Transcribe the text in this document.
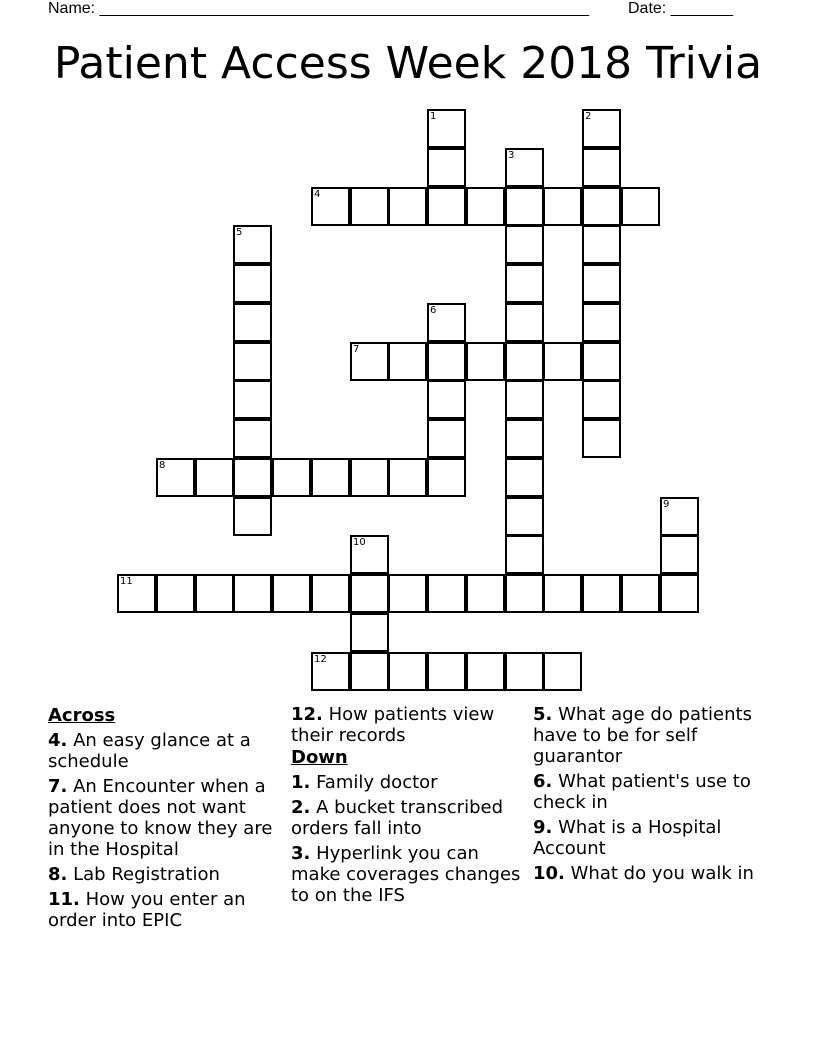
Name: _______________________________________________________ Date: _______
Patient Access Week 2018 Trivia
1	2
3
4
5
6
7
8
9
10
11
12
Across
4. An easy glance at a schedule
7. An Encounter when a patient does not want anyone to know they are in the Hospital
8. Lab Registration
11. How you enter an order into EPIC
12. How patients view their records
Down
1. Family doctor
2. A bucket transcribed orders fall into
3. Hyperlink you can make coverages changes to on the IFS
5. What age do patients have to be for self guarantor
6. What patient's use to check in
9. What is a Hospital Account
10. What do you walk in
